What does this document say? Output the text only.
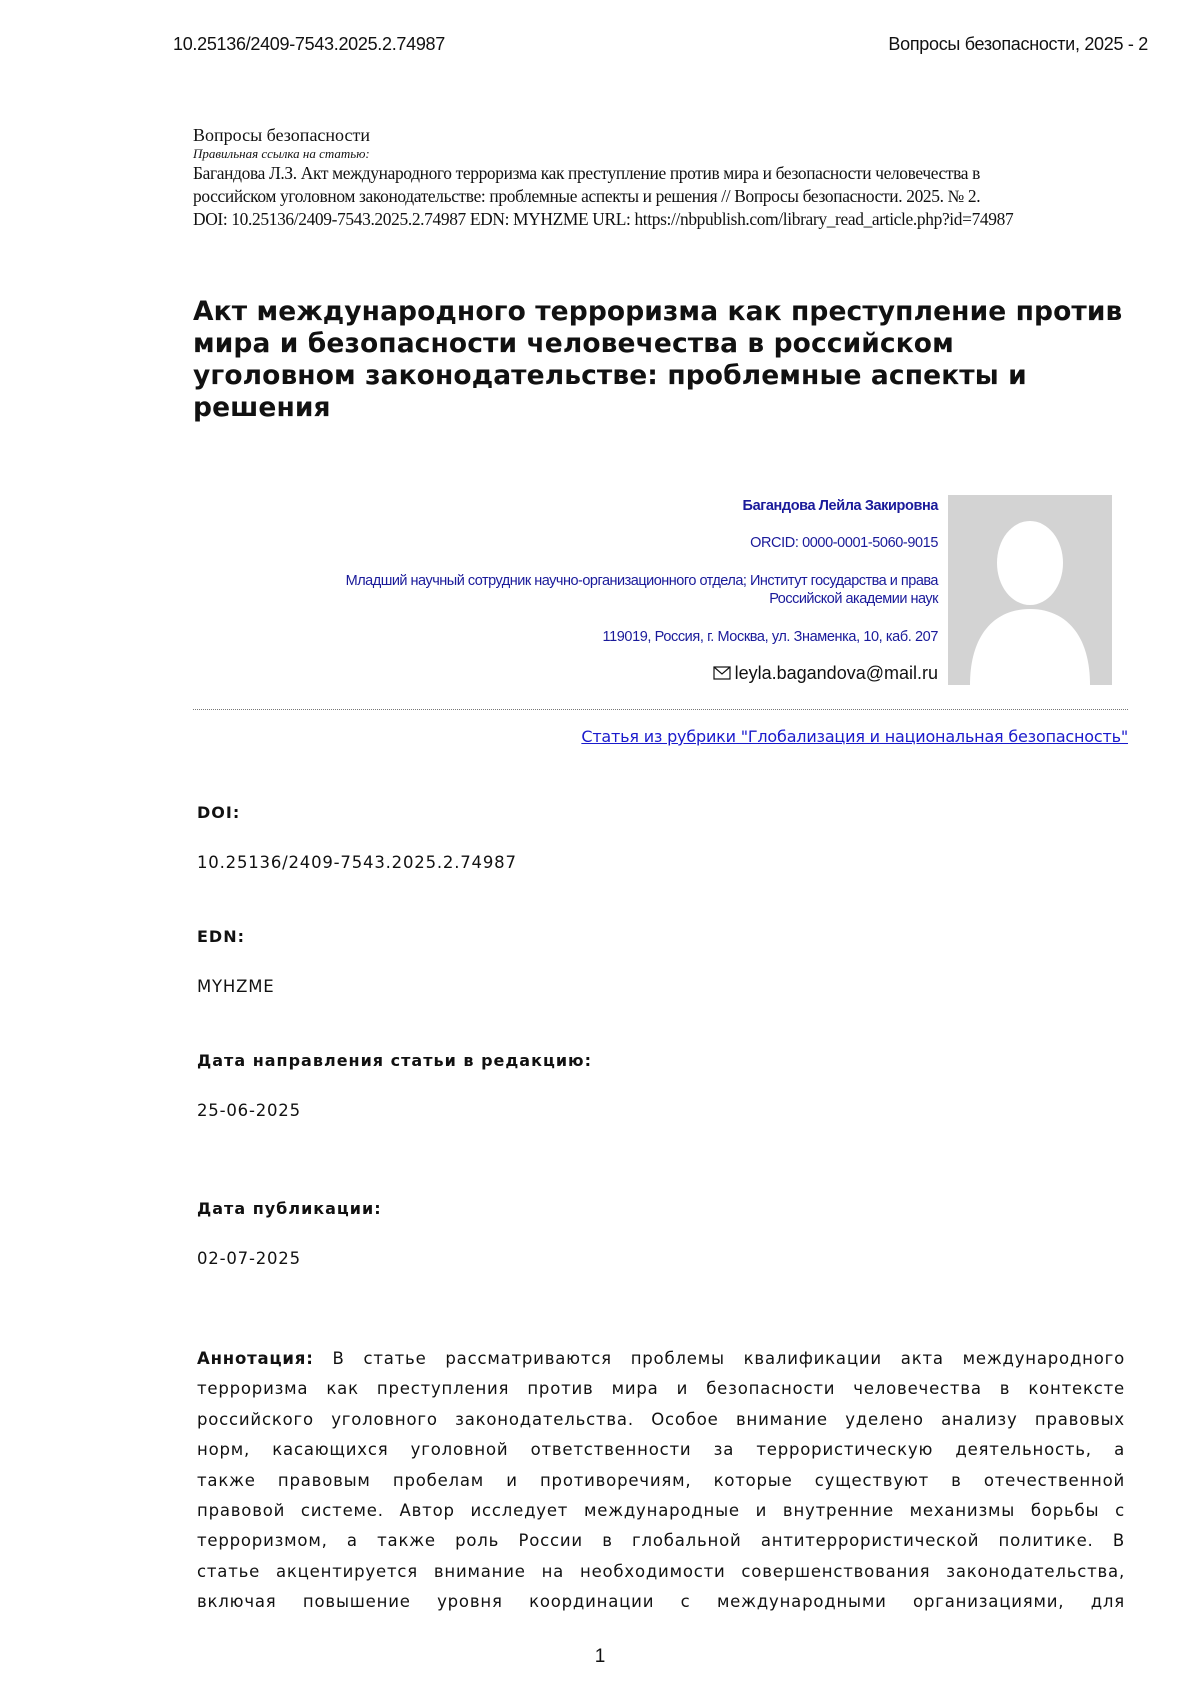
10.25136/2409-7543.2025.2.74987	Вопросы безопасности, 2025 - 2
Вопросы безопасности
Правильная ссылка на статью:
Багандова Л.З. Акт международного терроризма как преступление против мира и безопасности человечества в
российском уголовном законодательстве: проблемные аспекты и решения // Вопросы безопасности. 2025. № 2.
DOI: 10.25136/2409-7543.2025.2.74987 EDN: MYHZME URL: https://nbpublish.com/library_read_article.php?id=74987
Акт международного терроризма как преступление против
мира и безопасности человечества в российском
уголовном законодательстве: проблемные аспекты и
решения
Багандова Лейла Закировна
ORCID: 0000-0001-5060-9015
Младший научный сотрудник научно-организационного отдела; Институт государства и права
Российской академии наук
119019, Россия, г. Москва, ул. Знаменка, 10, каб. 207
leyla.bagandova@mail.ru
Статья из рубрики "Глобализация и национальная безопасность"
DOI:
10.25136/2409-7543.2025.2.74987
EDN:
MYHZME
Дата направления статьи в редакцию:
25-06-2025
Дата публикации:
02-07-2025
Аннотация: В статье рассматриваются проблемы квалификации акта международного
терроризма как преступления против мира и безопасности человечества в контексте
российского уголовного законодательства. Особое внимание уделено анализу правовых
норм, касающихся уголовной ответственности за террористическую деятельность, а
также правовым пробелам и противоречиям, которые существуют в отечественной
правовой системе. Автор исследует международные и внутренние механизмы борьбы с
терроризмом, а также роль России в глобальной антитеррористической политике. В
статье акцентируется внимание на необходимости совершенствования законодательства,
включая повышение уровня координации с международными организациями, для
1
